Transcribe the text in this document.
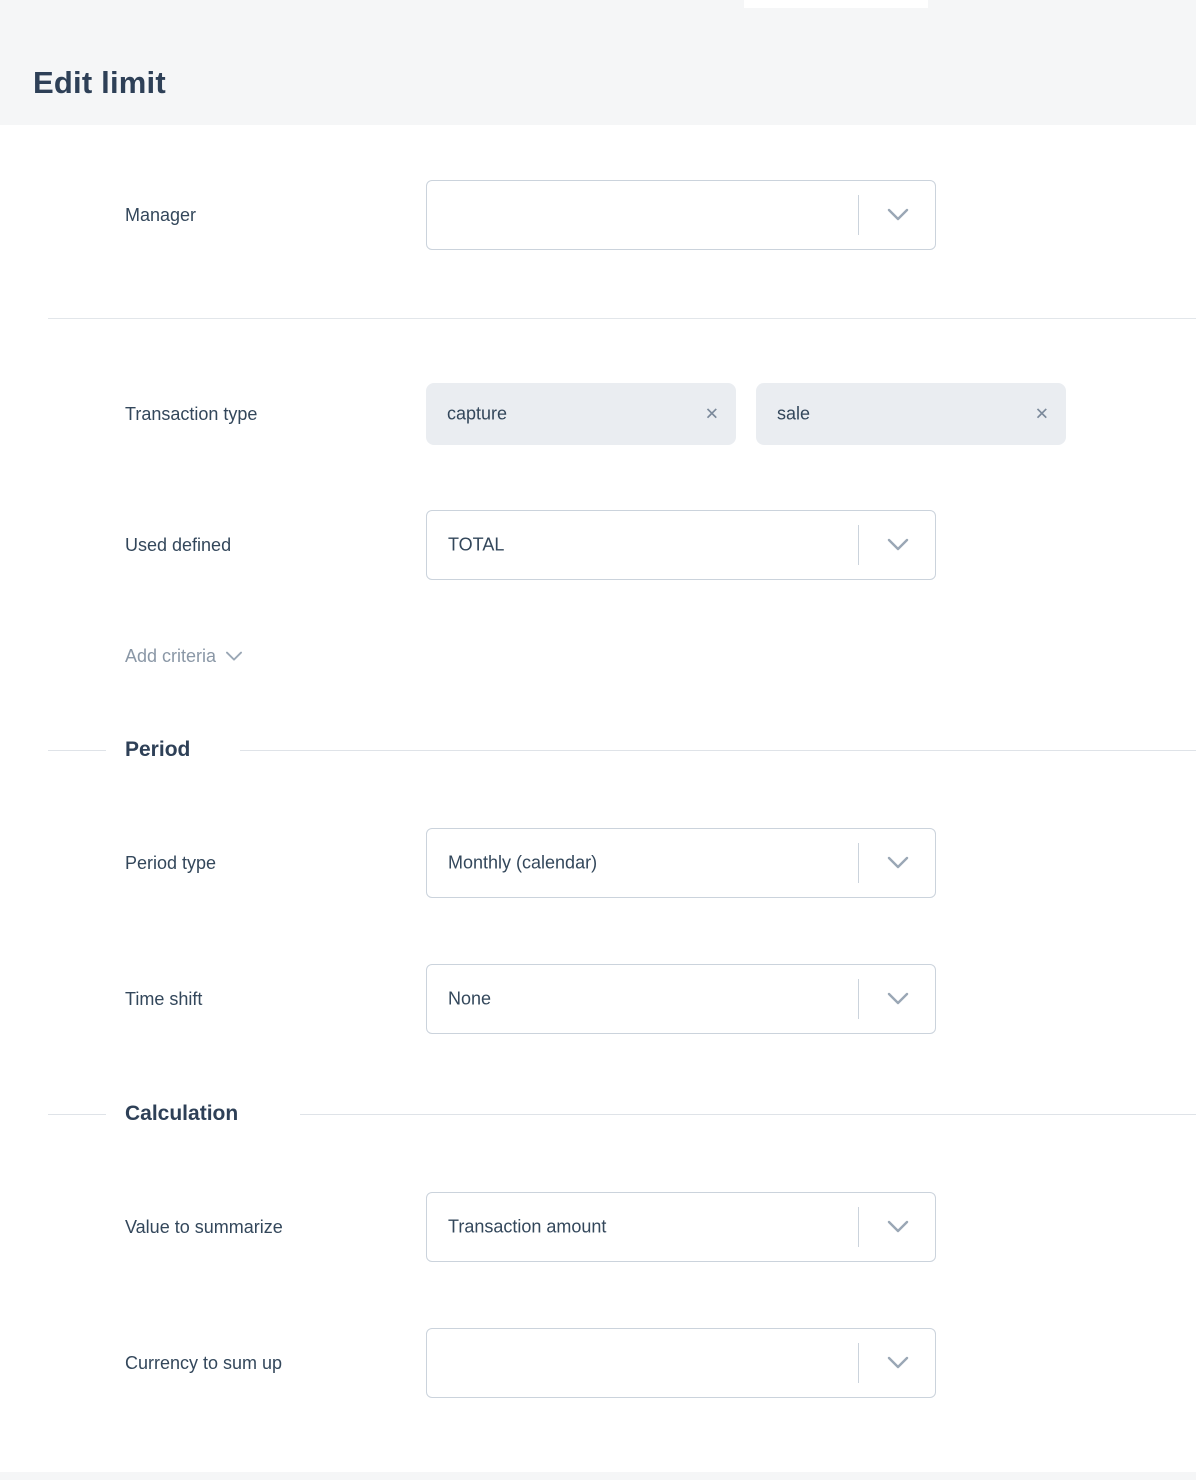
Edit limit
Manager
Transaction type	capture	✕	sale	✕
Used defined	TOTAL
Add criteria
Period
Period type	Monthly (calendar)
Time shift	None
Calculation
Value to summarize	Transaction amount
Currency to sum up
